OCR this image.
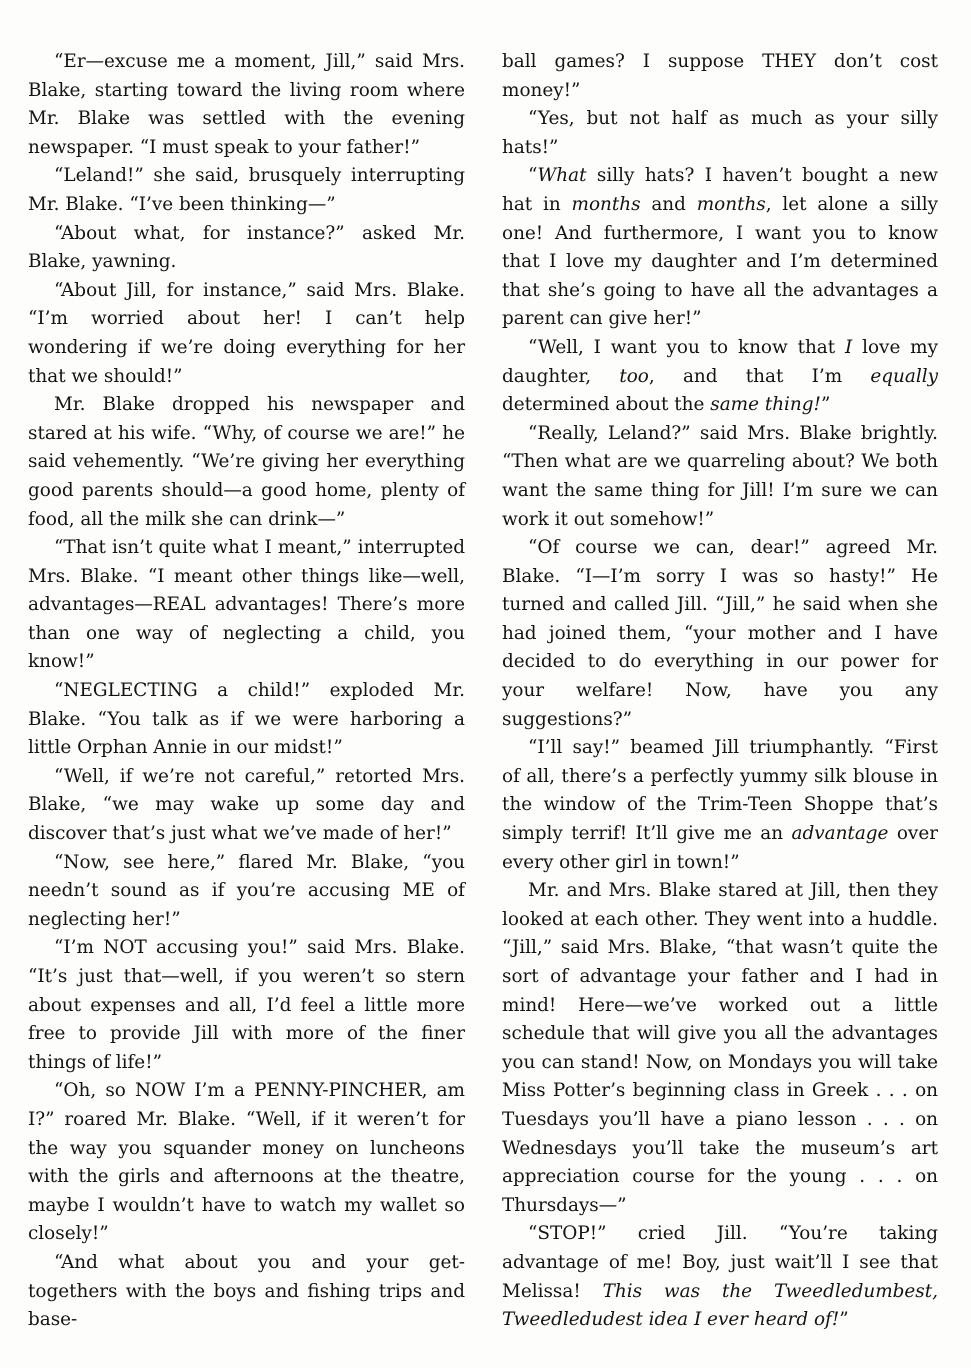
“Er—excuse me a moment, Jill,” said Mrs. Blake, starting toward the living room where Mr. Blake was settled with the evening newspaper. “I must speak to your father!”

“Leland!” she said, brusquely interrupting Mr. Blake. “I’ve been thinking—”

“About what, for instance?” asked Mr. Blake, yawning.

“About Jill, for instance,” said Mrs. Blake. “I’m worried about her! I can’t help wondering if we’re doing everything for her that we should!”

Mr. Blake dropped his newspaper and stared at his wife. “Why, of course we are!” he said vehemently. “We’re giving her everything good parents should—a good home, plenty of food, all the milk she can drink—”

“That isn’t quite what I meant,” interrupted Mrs. Blake. “I meant other things like—well, advantages—REAL advantages! There’s more than one way of neglecting a child, you know!”

“NEGLECTING a child!” exploded Mr. Blake. “You talk as if we were harboring a little Orphan Annie in our midst!”

“Well, if we’re not careful,” retorted Mrs. Blake, “we may wake up some day and discover that’s just what we’ve made of her!”

“Now, see here,” flared Mr. Blake, “you needn’t sound as if you’re accusing ME of neglecting her!”

“I’m NOT accusing you!” said Mrs. Blake. “It’s just that—well, if you weren’t so stern about expenses and all, I’d feel a little more free to provide Jill with more of the finer things of life!”

“Oh, so NOW I’m a PENNY-PINCHER, am I?” roared Mr. Blake. “Well, if it weren’t for the way you squander money on luncheons with the girls and afternoons at the theatre, maybe I wouldn’t have to watch my wallet so closely!”

“And what about you and your get-togethers with the boys and fishing trips and base-

ball games? I suppose THEY don’t cost money!”

“Yes, but not half as much as your silly hats!”

“What silly hats? I haven’t bought a new hat in months and months, let alone a silly one! And furthermore, I want you to know that I love my daughter and I’m determined that she’s going to have all the advantages a parent can give her!”

“Well, I want you to know that I love my daughter, too, and that I’m equally determined about the same thing!”

“Really, Leland?” said Mrs. Blake brightly. “Then what are we quarreling about? We both want the same thing for Jill! I’m sure we can work it out somehow!”

“Of course we can, dear!” agreed Mr. Blake. “I—I’m sorry I was so hasty!” He turned and called Jill. “Jill,” he said when she had joined them, “your mother and I have decided to do everything in our power for your welfare! Now, have you any suggestions?”

“I’ll say!” beamed Jill triumphantly. “First of all, there’s a perfectly yummy silk blouse in the window of the Trim-Teen Shoppe that’s simply terrif! It’ll give me an advantage over every other girl in town!”

Mr. and Mrs. Blake stared at Jill, then they looked at each other. They went into a huddle. “Jill,” said Mrs. Blake, “that wasn’t quite the sort of advantage your father and I had in mind! Here—we’ve worked out a little schedule that will give you all the advantages you can stand! Now, on Mondays you will take Miss Potter’s beginning class in Greek . . . on Tuesdays you’ll have a piano lesson . . . on Wednesdays you’ll take the museum’s art appreciation course for the young . . . on Thursdays—”

“STOP!” cried Jill. “You’re taking advantage of me! Boy, just wait’ll I see that Melissa! This was the Tweedledumbest, Tweedledudest idea I ever heard of!”
